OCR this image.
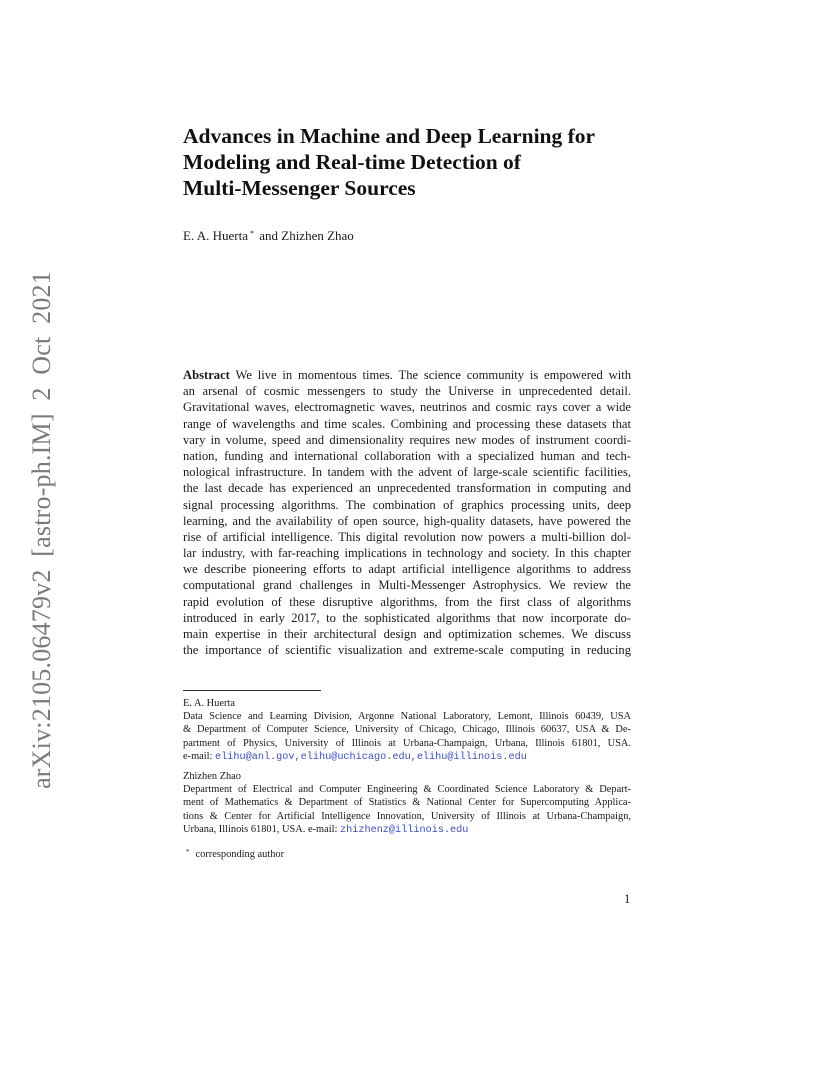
arXiv:2105.06479v2 [astro-ph.IM] 2 Oct 2021
Advances in Machine and Deep Learning for
Modeling and Real-time Detection of
Multi-Messenger Sources
E. A. Huerta * and Zhizhen Zhao
Abstract We live in momentous times. The science community is empowered with
an arsenal of cosmic messengers to study the Universe in unprecedented detail.
Gravitational waves, electromagnetic waves, neutrinos and cosmic rays cover a wide
range of wavelengths and time scales. Combining and processing these datasets that
vary in volume, speed and dimensionality requires new modes of instrument coordi-
nation, funding and international collaboration with a specialized human and tech-
nological infrastructure. In tandem with the advent of large-scale scientific facilities,
the last decade has experienced an unprecedented transformation in computing and
signal processing algorithms. The combination of graphics processing units, deep
learning, and the availability of open source, high-quality datasets, have powered the
rise of artificial intelligence. This digital revolution now powers a multi-billion dol-
lar industry, with far-reaching implications in technology and society. In this chapter
we describe pioneering efforts to adapt artificial intelligence algorithms to address
computational grand challenges in Multi-Messenger Astrophysics. We review the
rapid evolution of these disruptive algorithms, from the first class of algorithms
introduced in early 2017, to the sophisticated algorithms that now incorporate do-
main expertise in their architectural design and optimization schemes. We discuss
the importance of scientific visualization and extreme-scale computing in reducing
E. A. Huerta
Data Science and Learning Division, Argonne National Laboratory, Lemont, Illinois 60439, USA
& Department of Computer Science, University of Chicago, Chicago, Illinois 60637, USA & De-
partment of Physics, University of Illinois at Urbana-Champaign, Urbana, Illinois 61801, USA.
e-mail: elihu@anl.gov,elihu@uchicago.edu,elihu@illinois.edu
Zhizhen Zhao
Department of Electrical and Computer Engineering & Coordinated Science Laboratory & Depart-
ment of Mathematics & Department of Statistics & National Center for Supercomputing Applica-
tions & Center for Artificial Intelligence Innovation, University of Illinois at Urbana-Champaign,
Urbana, Illinois 61801, USA. e-mail: zhizhenz@illinois.edu
* corresponding author
1
